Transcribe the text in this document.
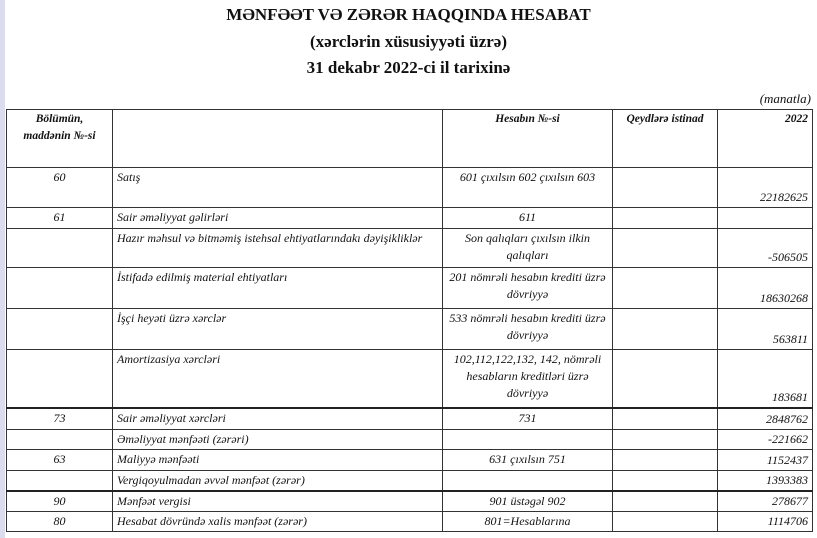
MƏNFƏƏT VƏ ZƏRƏR HAQQINDA HESABAT
(xərclərin xüsusiyyəti üzrə)
31 dekabr 2022-ci il tarixinə
(manatla)
Bölümün, maddənin №-si		Hesabın №-si	Qeydlərə istinad	2022
60	Satış	601 çıxılsın 602 çıxılsın 603		22182625
61	Sair əməliyyat gəlirləri	611		
	Hazır məhsul və bitməmiş istehsal ehtiyatlarındakı dəyişikliklər	Son qalıqları çıxılsın ilkin qalıqları		-506505
	İstifadə edilmiş material ehtiyatları	201 nömrəli hesabın krediti üzrə dövriyyə		18630268
	İşçi heyəti üzrə xərclər	533 nömrəli hesabın krediti üzrə dövriyyə		563811
	Amortizasiya xərcləri	102,112,122,132, 142, nömrəli hesabların kreditləri üzrə dövriyyə		183681
73	Sair əməliyyat xərcləri	731		2848762
	Əməliyyat mənfəəti (zərəri)			-221662
63	Maliyyə mənfəəti	631 çıxılsın 751		1152437
	Vergiqoyulmadan əvvəl mənfəət (zərər)			1393383
90	Mənfəət vergisi	901 üstəgəl 902		278677
80	Hesabat dövründə xalis mənfəət (zərər)	801=Hesablarına		1114706
